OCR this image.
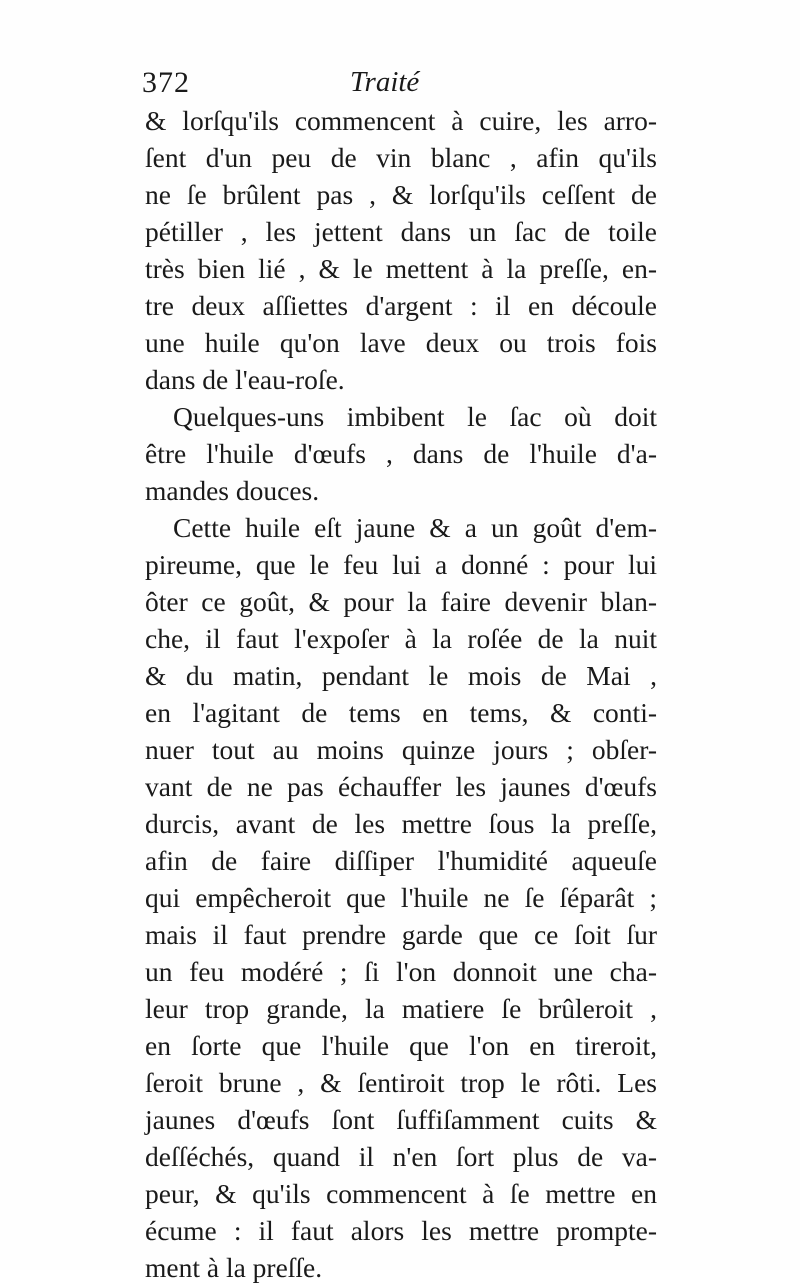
372	Traité
& lorſqu'ils commencent à cuire, les arro-
ſent d'un peu de vin blanc , afin qu'ils
ne ſe brûlent pas , & lorſqu'ils ceſſent de
pétiller , les jettent dans un ſac de toile
très bien lié , & le mettent à la preſſe, en-
tre deux aſſiettes d'argent : il en découle
une huile qu'on lave deux ou trois fois
dans de l'eau-roſe.
Quelques-uns imbibent le ſac où doit
être l'huile d'œufs , dans de l'huile d'a-
mandes douces.
Cette huile eſt jaune & a un goût d'em-
pireume, que le feu lui a donné : pour lui
ôter ce goût, & pour la faire devenir blan-
che, il faut l'expoſer à la roſée de la nuit
& du matin, pendant le mois de Mai ,
en l'agitant de tems en tems, & conti-
nuer tout au moins quinze jours ; obſer-
vant de ne pas échauffer les jaunes d'œufs
durcis, avant de les mettre ſous la preſſe,
afin de faire diſſiper l'humidité aqueuſe
qui empêcheroit que l'huile ne ſe ſéparât ;
mais il faut prendre garde que ce ſoit ſur
un feu modéré ; ſi l'on donnoit une cha-
leur trop grande, la matiere ſe brûleroit ,
en ſorte que l'huile que l'on en tireroit,
ſeroit brune , & ſentiroit trop le rôti. Les
jaunes d'œufs ſont ſuffiſamment cuits &
deſſéchés, quand il n'en ſort plus de va-
peur, & qu'ils commencent à ſe mettre en
écume : il faut alors les mettre prompte-
ment à la preſſe.
